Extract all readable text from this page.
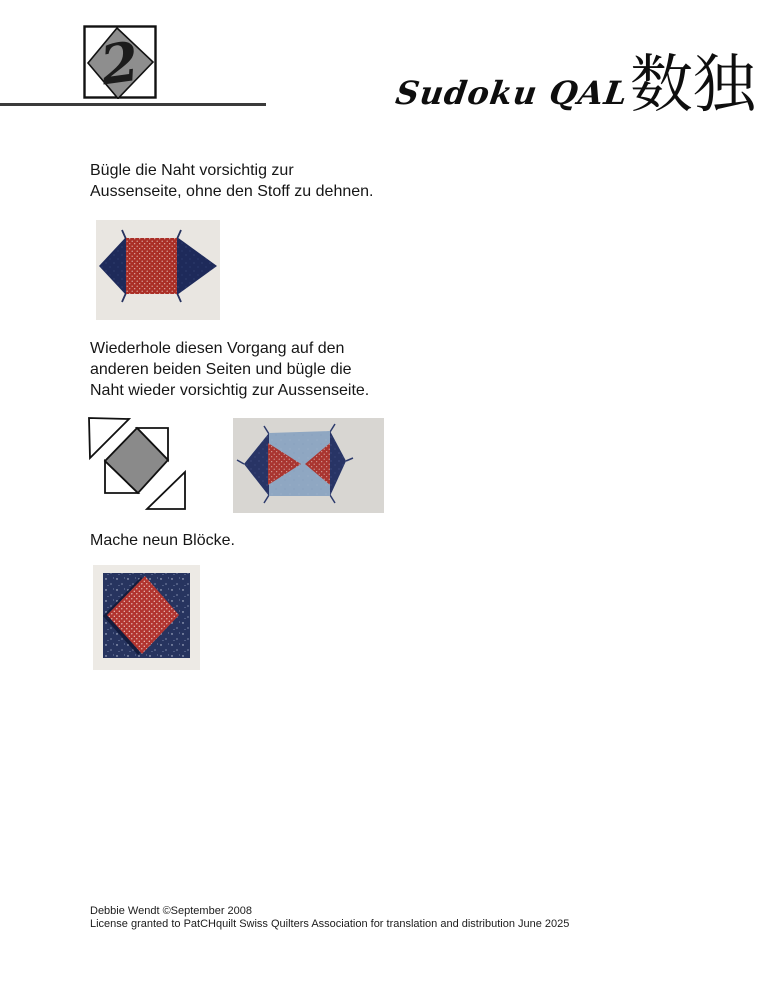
2	Sudoku QAL 数独
Bügle die Naht vorsichtig zur
Aussenseite, ohne den Stoff zu dehnen.
Wiederhole diesen Vorgang auf den
anderen beiden Seiten und bügle die
Naht wieder vorsichtig zur Aussenseite.
Mache neun Blöcke.
Debbie Wendt ©September 2008
License granted to PatCHquilt Swiss Quilters Association for translation and distribution June 2025
